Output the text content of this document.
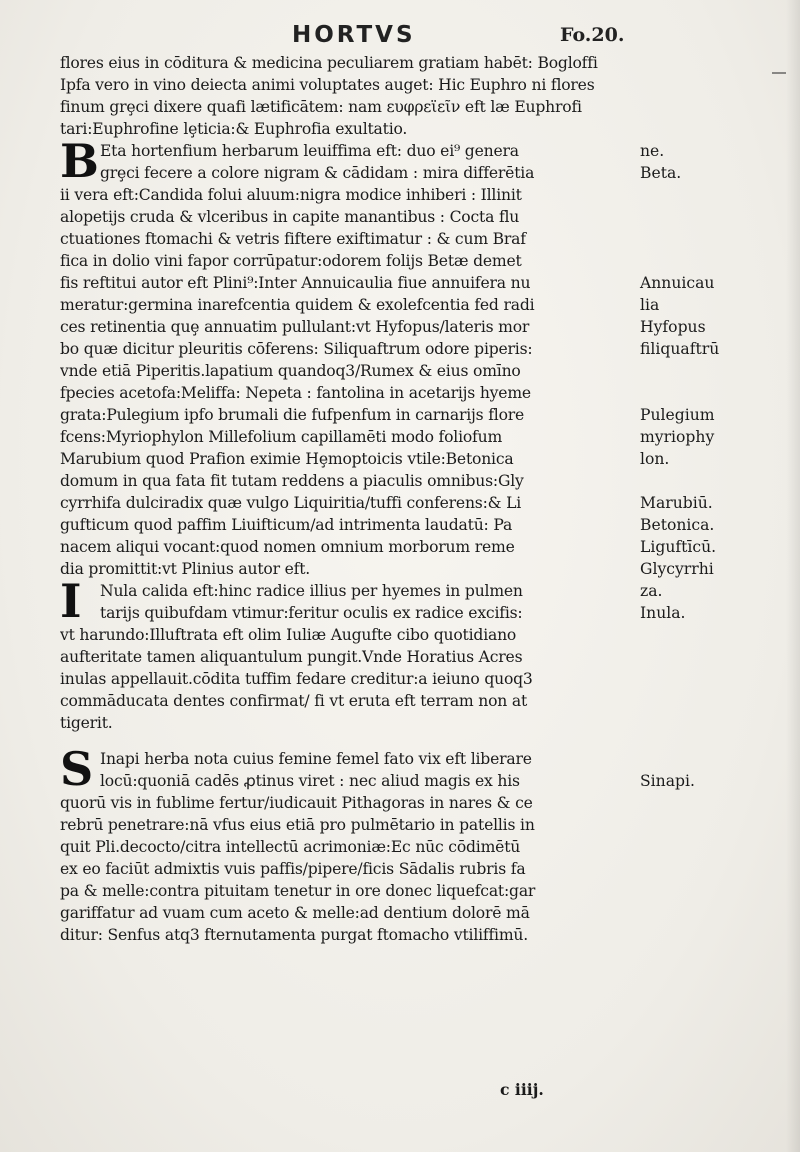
HORTVS	Fo.20.
flores eius in cōditura & medicina peculiarem gratiam habēt: Bogloffi
Ipfa vero in vino deiecta animi voluptates auget: Hic Euphro ni flores
finum grȩci dixere quafi lætificātem: nam ευφρεϊεῖν eft læ Euphrofi
tari:Euphrofine lȩticia:& Euphrofia exultatio.
B Eta hortenfium herbarum leuiffima eft: duo ei⁹ genera
grȩci fecere a colore nigram & cādidam : mira differētia
ii vera eft:Candida folui aluum:nigra modice inhiberi : Illinit
alopetijs cruda & vlceribus in capite manantibus : Cocta flu
ctuationes ftomachi & vetris fiftere exiftimatur : & cum Braf
fica in dolio vini fapor corrūpatur:odorem folijs Betæ demet
fis reftitui autor eft Plini⁹:Inter Annuicaulia fiue annuifera nu
meratur:germina inarefcentia quidem & exolefcentia fed radi
ces retinentia quȩ annuatim pullulant:vt Hyfopus/lateris mor
bo quæ dicitur pleuritis cōferens: Siliquaftrum odore piperis:
vnde etiā Piperitis.lapatium quandoq3/Rumex & eius omīno
fpecies acetofa:Meliffa: Nepeta : fantolina in acetarijs hyeme
grata:Pulegium ipfo brumali die fufpenfum in carnarijs flore
fcens:Myriophylon Millefolium capillamēti modo foliofum
Marubium quod Prafion eximie Hȩmoptoicis vtile:Betonica
domum in qua fata fit tutam reddens a piaculis omnibus:Gly
cyrrhifa dulciradix quæ vulgo Liquiritia/tuffi conferens:& Li
gufticum quod paffim Liuifticum/ad intrimenta laudatū: Pa
nacem aliqui vocant:quod nomen omnium morborum reme
dia promittit:vt Plinius autor eft.
I Nula calida eft:hinc radice illius per hyemes in pulmen
tarijs quibufdam vtimur:feritur oculis ex radice excifis:
vt harundo:Illuftrata eft olim Iuliæ Augufte cibo quotidiano
aufteritate tamen aliquantulum pungit.Vnde Horatius Acres
inulas appellauit.cōdita tuffim fedare creditur:a ieiuno quoq3
commāducata dentes confirmat/ fi vt eruta eft terram non at
tigerit.
S Inapi herba nota cuius femine femel fato vix eft liberare
locū:quoniā cadēs ꝓtinus viret : nec aliud magis ex his
quorū vis in fublime fertur/iudicauit Pithagoras in nares & ce
rebrū penetrare:nā vfus eius etiā pro pulmētario in patellis in
quit Pli.decocto/citra intellectū acrimoniæ:Ec nūc cōdimētū
ex eo faciūt admixtis vuis paffis/pipere/ficis Sādalis rubris fa
pa & melle:contra pituitam tenetur in ore donec liquefcat:gar
gariffatur ad vuam cum aceto & melle:ad dentium dolorē mā
ditur: Senfus atq3 fternutamenta purgat ftomacho vtiliffimū.
ne.
Beta.
Annuicau
lia
Hyfopus
filiquaftrū
Pulegium
myriophy
lon.
Marubiū.
Betonica.
Liguftīcū.
Glycyrrhi
za.
Inula.
Sinapi.
c iiij.
